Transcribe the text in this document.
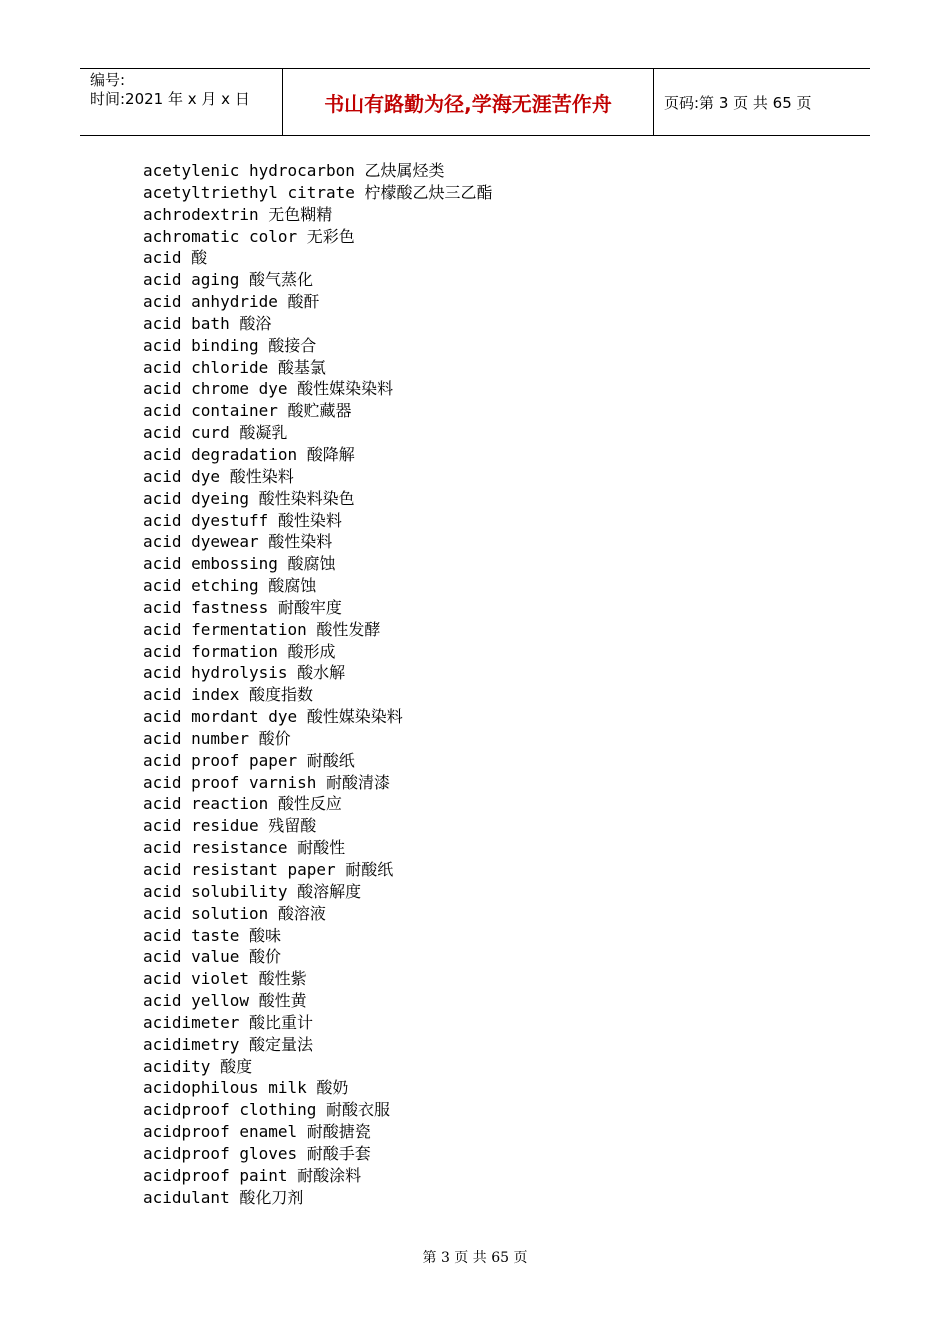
编号:
时间:2021 年 x 月 x 日	书山有路勤为径,学海无涯苦作舟	页码:第 3 页 共 65 页
acetylenic hydrocarbon 乙炔属烃类
acetyltriethyl citrate 柠檬酸乙炔三乙酯
achrodextrin 无色糊精
achromatic color 无彩色
acid 酸
acid aging 酸气蒸化
acid anhydride 酸酐
acid bath 酸浴
acid binding 酸接合
acid chloride 酸基氯
acid chrome dye 酸性媒染染料
acid container 酸贮藏器
acid curd 酸凝乳
acid degradation 酸降解
acid dye 酸性染料
acid dyeing 酸性染料染色
acid dyestuff 酸性染料
acid dyewear 酸性染料
acid embossing 酸腐蚀
acid etching 酸腐蚀
acid fastness 耐酸牢度
acid fermentation 酸性发酵
acid formation 酸形成
acid hydrolysis 酸水解
acid index 酸度指数
acid mordant dye 酸性媒染染料
acid number 酸价
acid proof paper 耐酸纸
acid proof varnish 耐酸清漆
acid reaction 酸性反应
acid residue 残留酸
acid resistance 耐酸性
acid resistant paper 耐酸纸
acid solubility 酸溶解度
acid solution 酸溶液
acid taste 酸味
acid value 酸价
acid violet 酸性紫
acid yellow 酸性黄
acidimeter 酸比重计
acidimetry 酸定量法
acidity 酸度
acidophilous milk 酸奶
acidproof clothing 耐酸衣服
acidproof enamel 耐酸搪瓷
acidproof gloves 耐酸手套
acidproof paint 耐酸涂料
acidulant 酸化刀剂
第 3 页 共 65 页
